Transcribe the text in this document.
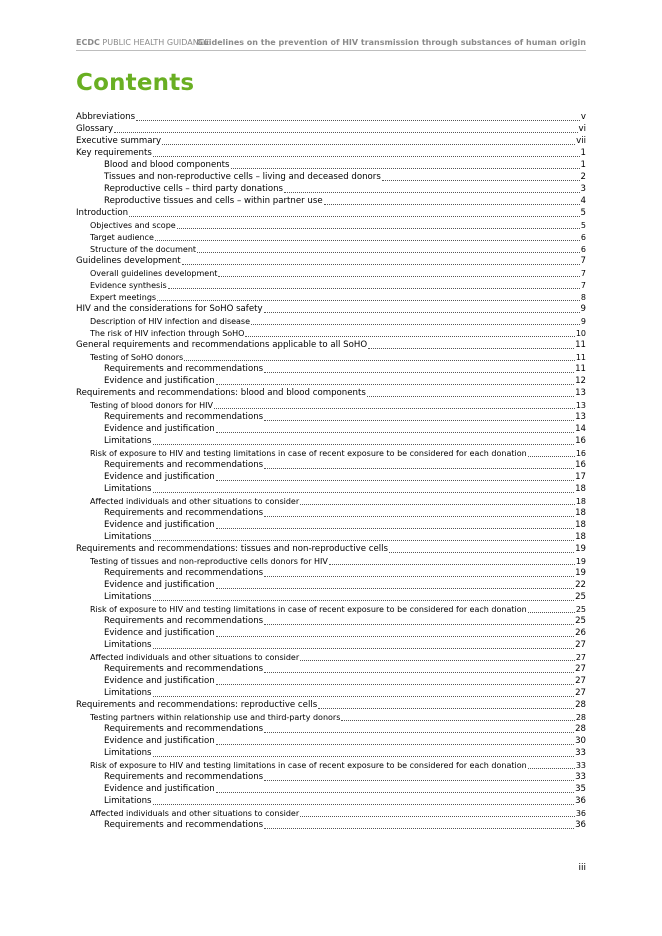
ECDC PUBLIC HEALTH GUIDANCE
Guidelines on the prevention of HIV transmission through substances of human origin
Contents
Abbreviations	v
Glossary	vi
Executive summary	vii
Key requirements	1
Blood and blood components	1
Tissues and non-reproductive cells – living and deceased donors	2
Reproductive cells – third party donations	3
Reproductive tissues and cells – within partner use	4
Introduction	5
Objectives and scope	5
Target audience	6
Structure of the document	6
Guidelines development	7
Overall guidelines development	7
Evidence synthesis	7
Expert meetings	8
HIV and the considerations for SoHO safety	9
Description of HIV infection and disease	9
The risk of HIV infection through SoHO	10
General requirements and recommendations applicable to all SoHO	11
Testing of SoHO donors	11
Requirements and recommendations	11
Evidence and justification	12
Requirements and recommendations: blood and blood components	13
Testing of blood donors for HIV	13
Requirements and recommendations	13
Evidence and justification	14
Limitations	16
Risk of exposure to HIV and testing limitations in case of recent exposure to be considered for each donation	16
Requirements and recommendations	16
Evidence and justification	17
Limitations	18
Affected individuals and other situations to consider	18
Requirements and recommendations	18
Evidence and justification	18
Limitations	18
Requirements and recommendations: tissues and non-reproductive cells	19
Testing of tissues and non-reproductive cells donors for HIV	19
Requirements and recommendations	19
Evidence and justification	22
Limitations	25
Risk of exposure to HIV and testing limitations in case of recent exposure to be considered for each donation	25
Requirements and recommendations	25
Evidence and justification	26
Limitations	27
Affected individuals and other situations to consider	27
Requirements and recommendations	27
Evidence and justification	27
Limitations	27
Requirements and recommendations: reproductive cells	28
Testing partners within relationship use and third-party donors	28
Requirements and recommendations	28
Evidence and justification	30
Limitations	33
Risk of exposure to HIV and testing limitations in case of recent exposure to be considered for each donation	33
Requirements and recommendations	33
Evidence and justification	35
Limitations	36
Affected individuals and other situations to consider	36
Requirements and recommendations	36
iii
